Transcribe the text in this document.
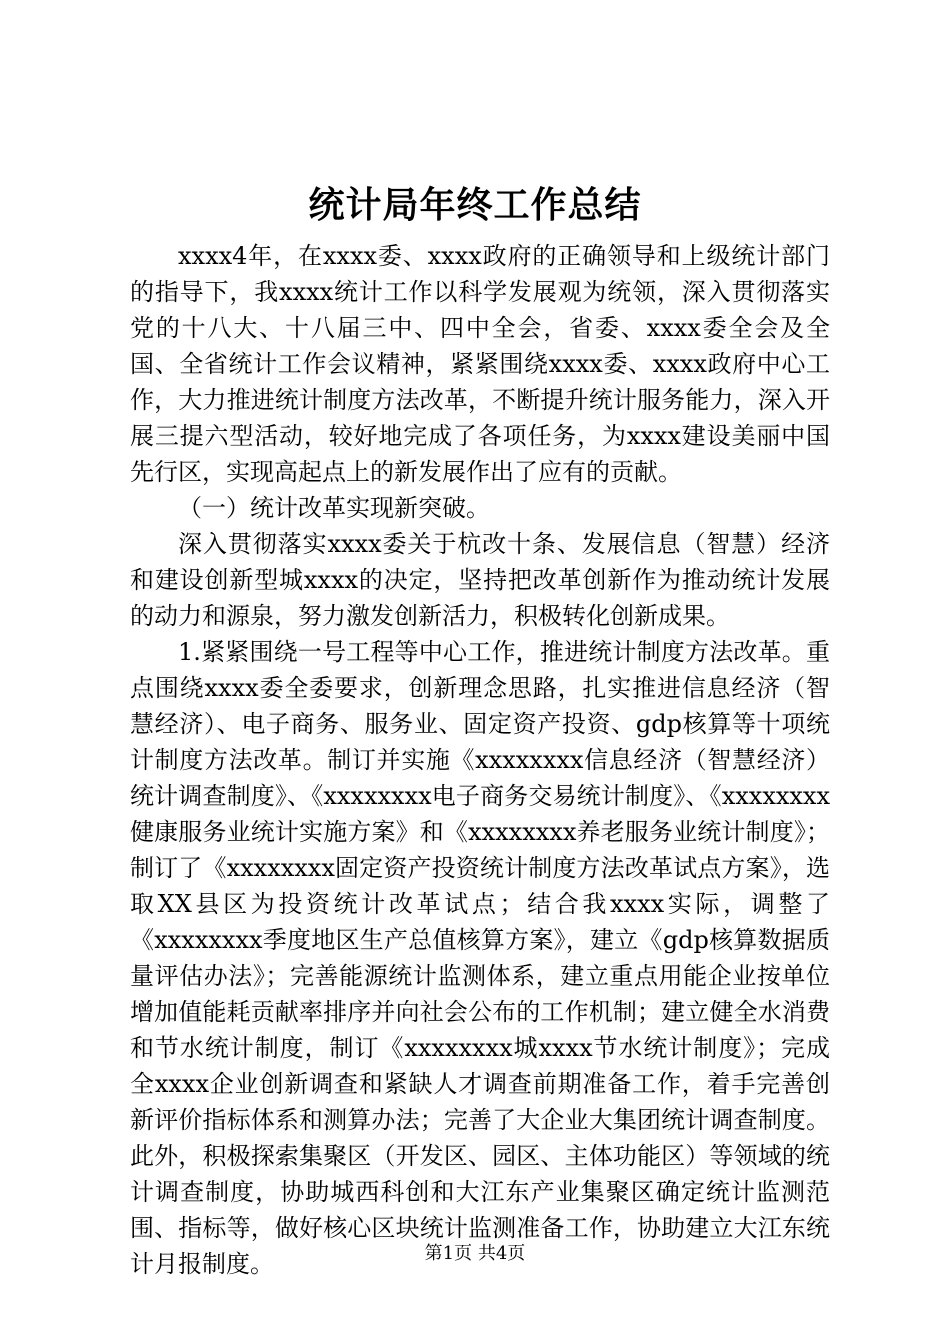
统计局年终工作总结

xxxx4年，在xxxx委、xxxx政府的正确领导和上级统计部门的指导下，我xxxx统计工作以科学发展观为统领，深入贯彻落实党的十八大、十八届三中、四中全会，省委、xxxx委全会及全国、全省统计工作会议精神，紧紧围绕xxxx委、xxxx政府中心工作，大力推进统计制度方法改革，不断提升统计服务能力，深入开展三提六型活动，较好地完成了各项任务，为xxxx建设美丽中国先行区，实现高起点上的新发展作出了应有的贡献。

（一）统计改革实现新突破。

深入贯彻落实xxxx委关于杭改十条、发展信息（智慧）经济和建设创新型城xxxx的决定，坚持把改革创新作为推动统计发展的动力和源泉，努力激发创新活力，积极转化创新成果。

1.紧紧围绕一号工程等中心工作，推进统计制度方法改革。重点围绕xxxx委全委要求，创新理念思路，扎实推进信息经济（智慧经济）、电子商务、服务业、固定资产投资、gdp核算等十项统计制度方法改革。制订并实施《xxxxxxxx信息经济（智慧经济）统计调查制度》、《xxxxxxxx电子商务交易统计制度》、《xxxxxxxx健康服务业统计实施方案》和《xxxxxxxx养老服务业统计制度》；制订了《xxxxxxxx固定资产投资统计制度方法改革试点方案》，选取XX县区为投资统计改革试点；结合我xxxx实际，调整了《xxxxxxxx季度地区生产总值核算方案》，建立《gdp核算数据质量评估办法》；完善能源统计监测体系，建立重点用能企业按单位增加值能耗贡献率排序并向社会公布的工作机制；建立健全水消费和节水统计制度，制订《xxxxxxxx城xxxx节水统计制度》；完成全xxxx企业创新调查和紧缺人才调查前期准备工作，着手完善创新评价指标体系和测算办法；完善了大企业大集团统计调查制度。此外，积极探索集聚区（开发区、园区、主体功能区）等领域的统计调查制度，协助城西科创和大江东产业集聚区确定统计监测范围、指标等，做好核心区块统计监测准备工作，协助建立大江东统计月报制度。	第1页 共4页
